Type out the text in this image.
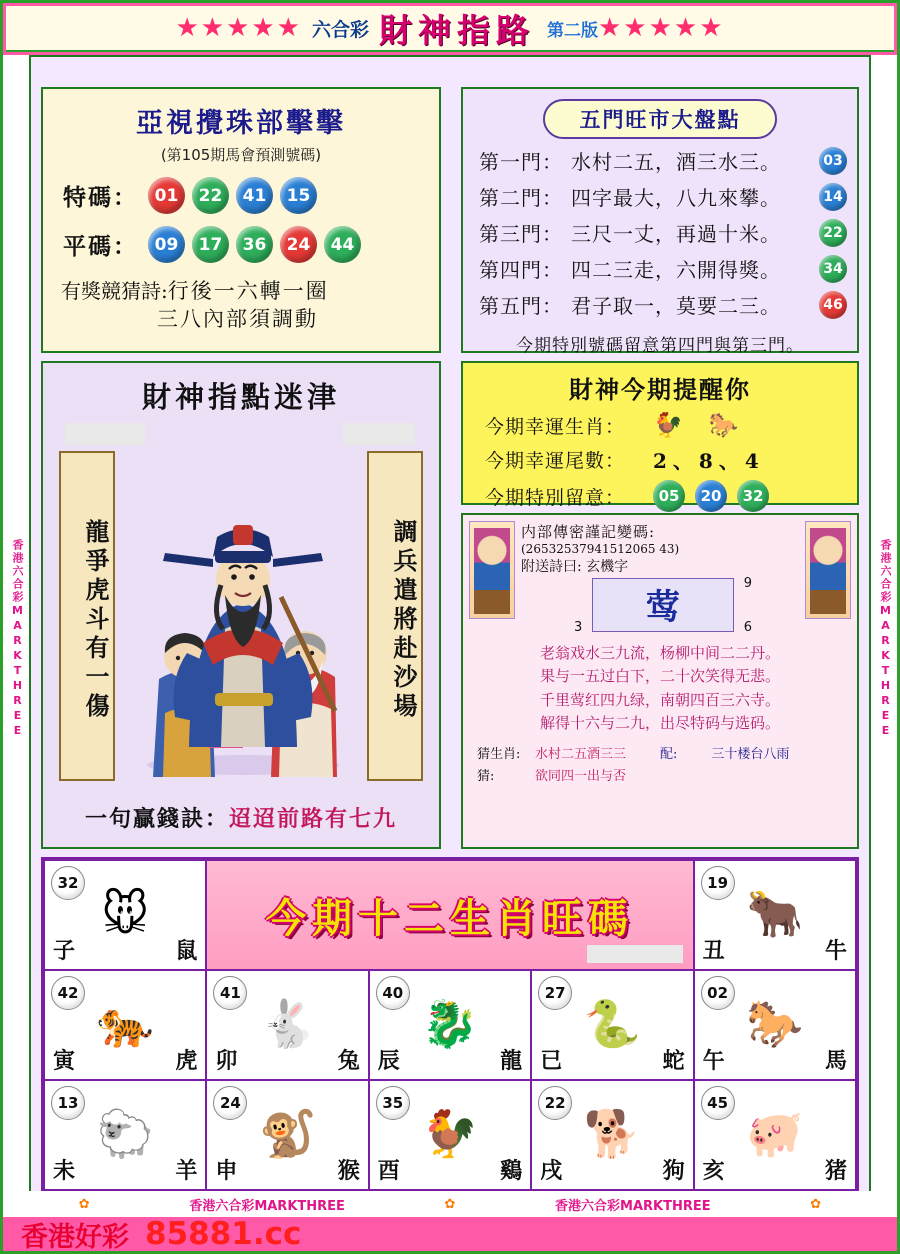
★★★★★ 六合彩 財神指路 第二版 ★★★★★
香港六合彩MARKTHREE	香港六合彩MARKTHREE
亞視攪珠部擊擊
(第105期馬會預測號碼)
特碼： 01	22	41	15
平碼： 09	17	36	24	44
有獎競猜詩:行後一六轉一圈
三八內部須調動
五門旺市大盤點
第一門： 水村二五，酒三水三。	03
第二門： 四字最大，八九來攀。	14
第三門： 三尺一丈，再過十米。	22
第四門： 四二三走，六開得獎。	34
第五門： 君子取一，莫要二三。	46
今期特別號碼留意第四門與第三門。
財神指點迷津
龍爭虎斗有一傷	調兵遣將赴沙場
一句贏錢訣：迢迢前路有七九
財神今期提醒你
今期幸運生肖：	🐓 🐎
今期幸運尾數：	2、8、4
今期特別留意：	05	20	32
内部傳密謹記變碼:
(26532537941512065 43)
附送詩曰: 玄機字
莺
9
6
3
老翁戏水三九流，杨柳中间二二丹。
果与一五过白下，二十次笑得无悲。
千里莺红四九绿，南朝四百三六寺。
解得十六与二九，出尽特码与选码。
猜生肖:	水村二五酒三三	配:	三十楼台八雨
猜:	欲同四一出与否
32
🐭
子	鼠
今期十二生肖旺碼
19
🐂
丑	牛
42
🐅
寅	虎
41
🐇
卯	兔
40
🐉
辰	龍
27
🐍
已	蛇
02
🐎
午	馬
13
🐑
未	羊
24
🐒
申	猴
35
🐓
酉	鷄
22
🐕
戌	狗
45
🐖
亥	猪
✿	香港六合彩MARKTHREE	✿	香港六合彩MARKTHREE	✿
香港好彩 85881.cc
